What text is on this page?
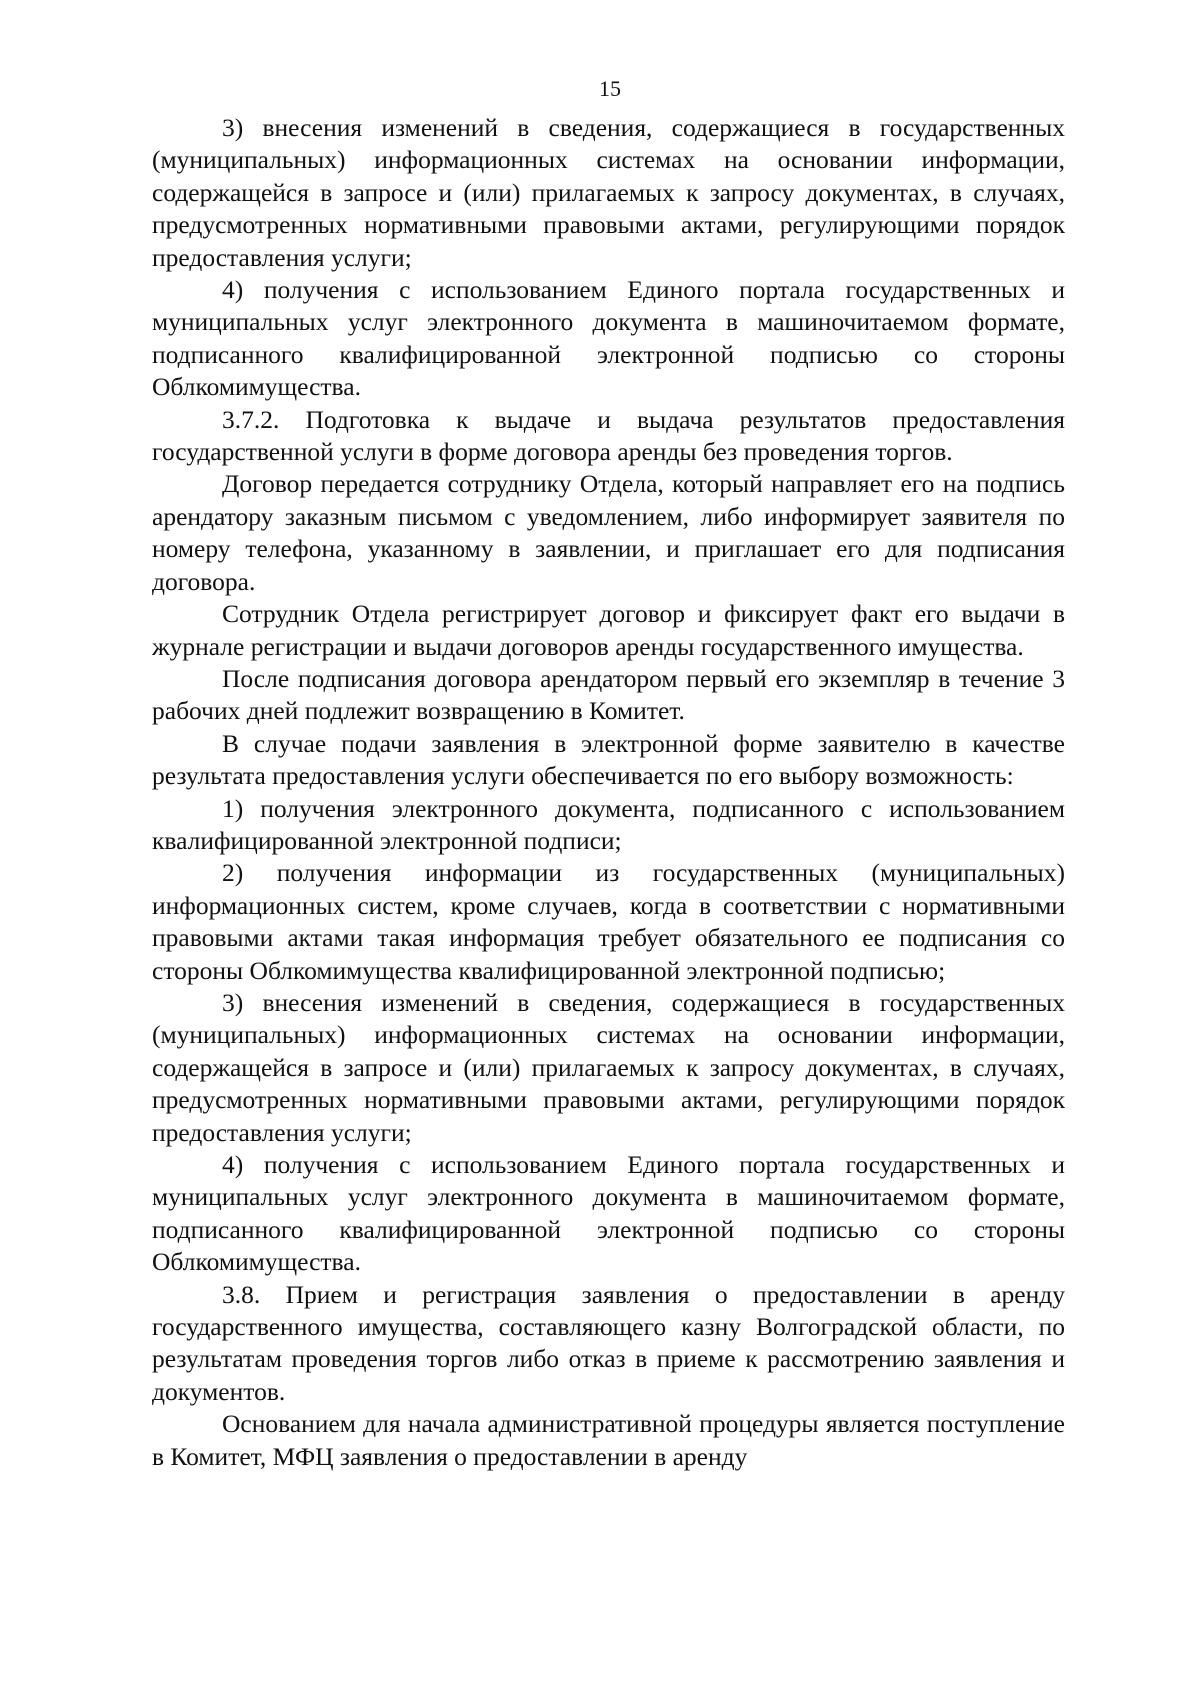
15

3) внесения изменений в сведения, содержащиеся в государственных (муниципальных) информационных системах на основании информации, содержащейся в запросе и (или) прилагаемых к запросу документах, в случаях, предусмотренных нормативными правовыми актами, регулирующими порядок предоставления услуги;

4) получения с использованием Единого портала государственных и муниципальных услуг электронного документа в машиночитаемом формате, подписанного квалифицированной электронной подписью со стороны Облкомимущества.

3.7.2. Подготовка к выдаче и выдача результатов предоставления государственной услуги в форме договора аренды без проведения торгов.

Договор передается сотруднику Отдела, который направляет его на подпись арендатору заказным письмом с уведомлением, либо информирует заявителя по номеру телефона, указанному в заявлении, и приглашает его для подписания договора.

Сотрудник Отдела регистрирует договор и фиксирует факт его выдачи в журнале регистрации и выдачи договоров аренды государственного имущества.

После подписания договора арендатором первый его экземпляр в течение 3 рабочих дней подлежит возвращению в Комитет.

В случае подачи заявления в электронной форме заявителю в качестве результата предоставления услуги обеспечивается по его выбору возможность:

1) получения электронного документа, подписанного с использованием квалифицированной электронной подписи;

2) получения информации из государственных (муниципальных) информационных систем, кроме случаев, когда в соответствии с нормативными правовыми актами такая информация требует обязательного ее подписания со стороны Облкомимущества квалифицированной электронной подписью;

3) внесения изменений в сведения, содержащиеся в государственных (муниципальных) информационных системах на основании информации, содержащейся в запросе и (или) прилагаемых к запросу документах, в случаях, предусмотренных нормативными правовыми актами, регулирующими порядок предоставления услуги;

4) получения с использованием Единого портала государственных и муниципальных услуг электронного документа в машиночитаемом формате, подписанного квалифицированной электронной подписью со стороны Облкомимущества.

3.8. Прием и регистрация заявления о предоставлении в аренду государственного имущества, составляющего казну Волгоградской области, по результатам проведения торгов либо отказ в приеме к рассмотрению заявления и документов.

Основанием для начала административной процедуры является поступление в Комитет, МФЦ заявления о предоставлении в аренду
